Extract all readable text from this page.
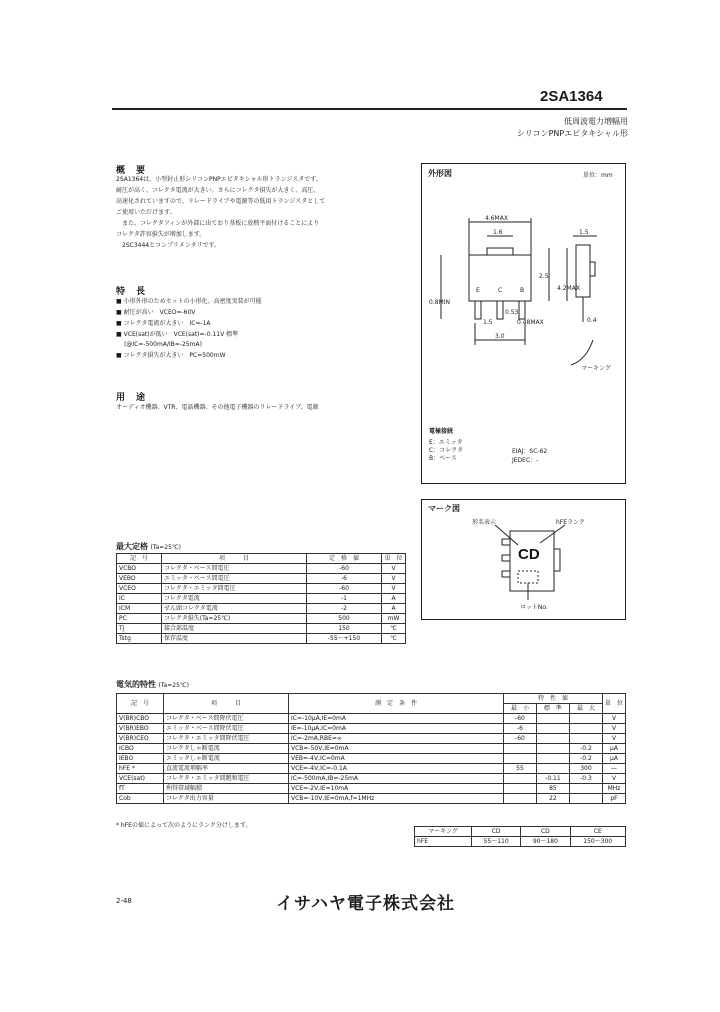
2SA1364
低周波電力増幅用
シリコンPNPエピタキシャル形
概　要
2SA1364は、小型封止形シリコンPNPエピタキシャル形トランジスタです。
耐圧が高く、コレクタ電流が大きい。さらにコレクタ損失が大きく、高圧、
高速化されていますので、リレードライブや電源等の低用トランジスタとして
ご使用いただけます。
　また、コレクタフィンが外部に出ており基板に放熱平面付けることにより
コレクタ許容損失が増加します。
　2SC3444とコンプリメンタリです。
特　長
■ 小形外形のためセットの小形化、高密度実装が可能
■ 耐圧が高い　VCEO=-60V
■ コレクタ電流が大きい　IC=-1A
■ VCE(sat)が低い　VCE(sat)=-0.11V 標準
(@IC=-500mA/IB=-25mA)
■ コレクタ損失が大きい　PC=500mW
用　途
オーディオ機器、VTR、電話機器、その他電子機器のリレードライブ、電源
外形図	単位：mm
4.6MAX
1.6	1.5
2.5
4.2MAX
0.8MIN
0.53
1.5	0.48MAX
3.0
0.4
E	C	B
マーキング
電極接続
E：エミッタ
C：コレクタ
B：ベース
EIAJ：SC-62
JEDEC：-
マーク図
形名表示	hFEランク
CD
ロットNo.
最大定格 (Ta=25℃)
記　号	項　　　目	定　格　値	単　位
VCBO	コレクタ・ベース間電圧	-60	V
VEBO	エミッタ・ベース間電圧	-6	V
VCEO	コレクタ・エミッタ間電圧	-60	V
IC	コレクタ電流	-1	A
ICM	せん頭コレクタ電流	-2	A
PC	コレクタ損失(Ta=25℃)	500	mW
Tj	接合部温度	150	℃
Tstg	保存温度	-55～+150	℃
電気的特性 (Ta=25℃)
記　号	項　　　目	測　定　条　件	特　性　値			単　位
			最　小	標　準	最　大	
V(BR)CBO	コレクタ・ベース間降伏電圧	IC=-10μA,IE=0mA	-60			V
V(BR)EBO	エミッタ・ベース間降伏電圧	IE=-10μA,IC=0mA	-6			V
V(BR)CEO	コレクタ・エミッタ間降伏電圧	IC=-2mA,RBE=∞	-60			V
ICBO	コレクタしゃ断電流	VCB=-50V,IE=0mA			-0.2	μA
IEBO	エミッタしゃ断電流	VEB=-4V,IC=0mA			-0.2	μA
hFE *	直流電流増幅率	VCE=-4V,IC=-0.1A	55		300	—
VCE(sat)	コレクタ・エミッタ間飽和電圧	IC=-500mA,IB=-25mA		-0.11	-0.3	V
fT	利得帯域幅積	VCE=-2V,IE=10mA		85		MHz
Cob	コレクタ出力容量	VCB=-10V,IE=0mA,f=1MHz		22		pF
* hFEの値によって次のようにランク分けします。
マーキング	CD	CD	CE
hFE	55～110	90～180	150～300
2-48	イサハヤ電子株式会社
